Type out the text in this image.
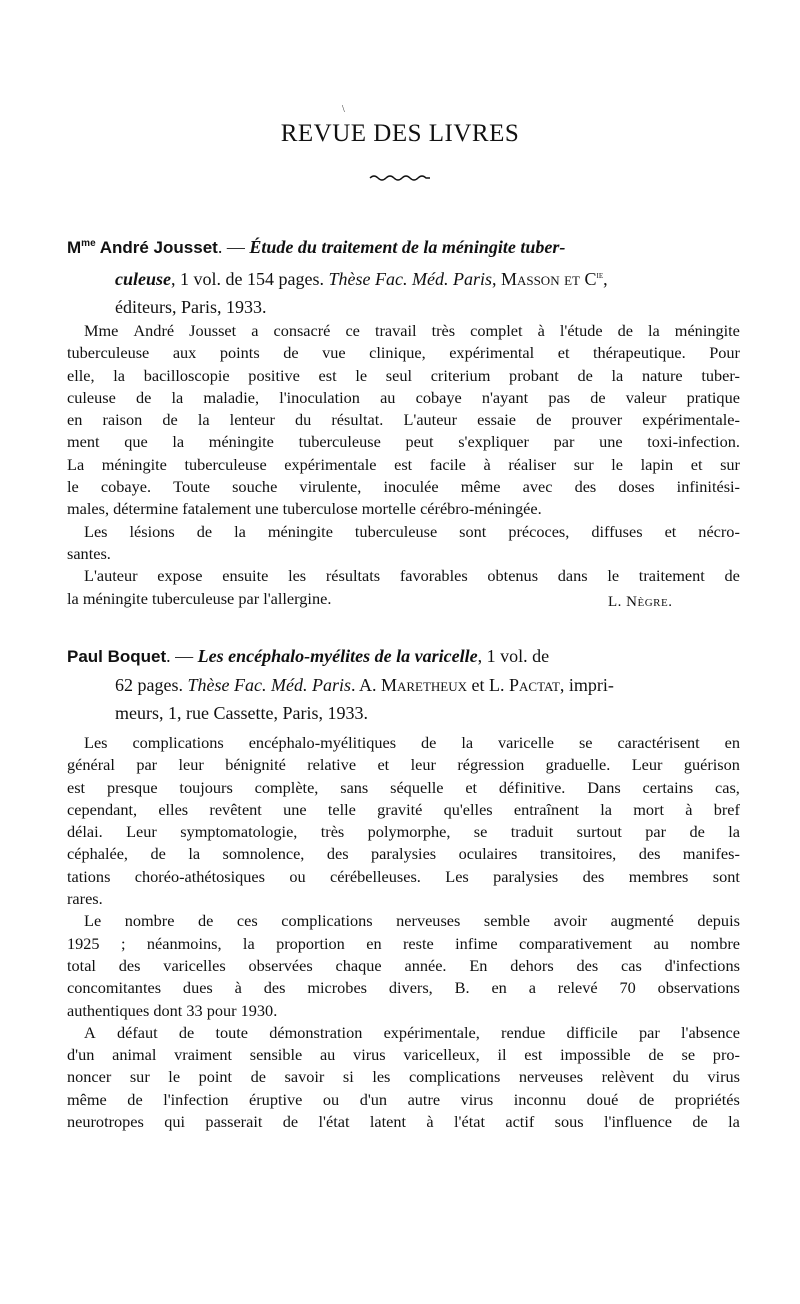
\
REVUE DES LIVRES
$M^{me}$ André Jousset. — Étude du traitement de la méningite tuber-
culeuse, 1 vol. de 154 pages. Thèse Fac. Méd. Paris, Masson et $C^{ie}$,
éditeurs, Paris, 1933.
Mme André Jousset a consacré ce travail très complet à l'étude de la méningite
tuberculeuse aux points de vue clinique, expérimental et thérapeutique. Pour
elle, la bacilloscopie positive est le seul criterium probant de la nature tuber-
culeuse de la maladie, l'inoculation au cobaye n'ayant pas de valeur pratique
en raison de la lenteur du résultat. L'auteur essaie de prouver expérimentale-
ment que la méningite tuberculeuse peut s'expliquer par une toxi-infection.
La méningite tuberculeuse expérimentale est facile à réaliser sur le lapin et sur
le cobaye. Toute souche virulente, inoculée même avec des doses infinitési-
males, détermine fatalement une tuberculose mortelle cérébro-méningée.
Les lésions de la méningite tuberculeuse sont précoces, diffuses et nécro-
santes.
L'auteur expose ensuite les résultats favorables obtenus dans le traitement de
la méningite tuberculeuse par l'allergine.	L. Nègre.
Paul Boquet. — Les encéphalo-myélites de la varicelle, 1 vol. de
62 pages. Thèse Fac. Méd. Paris. A. Maretheux et L. Pactat, impri-
meurs, 1, rue Cassette, Paris, 1933.
Les complications encéphalo-myélitiques de la varicelle se caractérisent en
général par leur bénignité relative et leur régression graduelle. Leur guérison
est presque toujours complète, sans séquelle et définitive. Dans certains cas,
cependant, elles revêtent une telle gravité qu'elles entraînent la mort à bref
délai. Leur symptomatologie, très polymorphe, se traduit surtout par de la
céphalée, de la somnolence, des paralysies oculaires transitoires, des manifes-
tations choréo-athétosiques ou cérébelleuses. Les paralysies des membres sont
rares.
Le nombre de ces complications nerveuses semble avoir augmenté depuis
1925 ; néanmoins, la proportion en reste infime comparativement au nombre
total des varicelles observées chaque année. En dehors des cas d'infections
concomitantes dues à des microbes divers, B. en a relevé 70 observations
authentiques dont 33 pour 1930.
A défaut de toute démonstration expérimentale, rendue difficile par l'absence
d'un animal vraiment sensible au virus varicelleux, il est impossible de se pro-
noncer sur le point de savoir si les complications nerveuses relèvent du virus
même de l'infection éruptive ou d'un autre virus inconnu doué de propriétés
neurotropes qui passerait de l'état latent à l'état actif sous l'influence de la
